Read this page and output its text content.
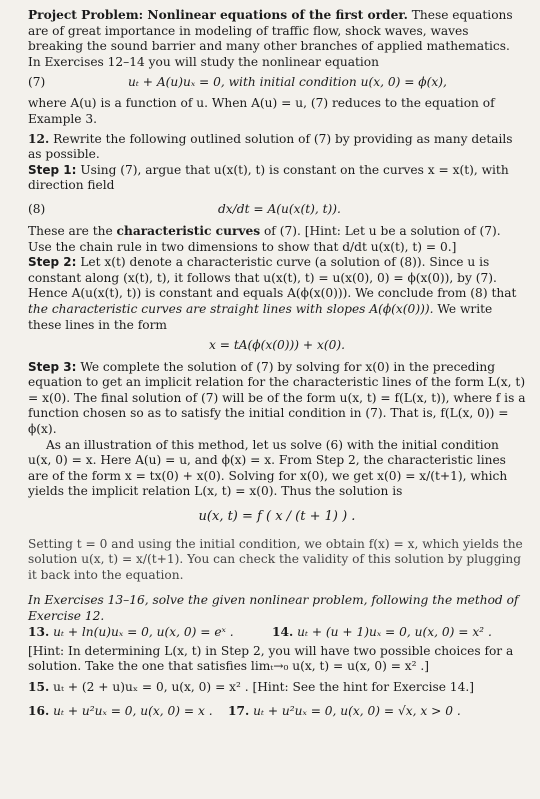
Project Problem: Nonlinear equations of the first order. These equations are of great importance in modeling of traffic flow, shock waves, waves breaking the sound barrier and many other branches of applied mathematics. In Exercises 12–14 you will study the nonlinear equation

(7)	uₜ + A(u)uₓ = 0, with initial condition u(x, 0) = ϕ(x),

where A(u) is a function of u. When A(u) = u, (7) reduces to the equation of Example 3.

12. Rewrite the following outlined solution of (7) by providing as many details as possible.

Step 1: Using (7), argue that u(x(t), t) is constant on the curves x = x(t), with direction field

(8)	dx/dt = A(u(x(t), t)).

These are the characteristic curves of (7). [Hint: Let u be a solution of (7). Use the chain rule in two dimensions to show that d/dt u(x(t), t) = 0.]

Step 2: Let x(t) denote a characteristic curve (a solution of (8)). Since u is constant along (x(t), t), it follows that u(x(t), t) = u(x(0), 0) = ϕ(x(0)), by (7). Hence A(u(x(t), t)) is constant and equals A(ϕ(x(0))). We conclude from (8) that the characteristic curves are straight lines with slopes A(ϕ(x(0))). We write these lines in the form

x = tA(ϕ(x(0))) + x(0).

Step 3: We complete the solution of (7) by solving for x(0) in the preceding equation to get an implicit relation for the characteristic lines of the form L(x, t) = x(0). The final solution of (7) will be of the form u(x, t) = f(L(x, t)), where f is a function chosen so as to satisfy the initial condition in (7). That is, f(L(x, 0)) = ϕ(x).

As an illustration of this method, let us solve (6) with the initial condition u(x, 0) = x. Here A(u) = u, and ϕ(x) = x. From Step 2, the characteristic lines are of the form x = tx(0) + x(0). Solving for x(0), we get x(0) = x/(t+1), which yields the implicit relation L(x, t) = x(0). Thus the solution is

u(x, t) = f ( x / (t + 1) ) .

Setting t = 0 and using the initial condition, we obtain f(x) = x, which yields the solution u(x, t) = x/(t+1). You can check the validity of this solution by plugging it back into the equation.

In Exercises 13–16, solve the given nonlinear problem, following the method of Exercise 12.

13. uₜ + ln(u)uₓ = 0, u(x, 0) = eˣ .	14. uₜ + (u + 1)uₓ = 0, u(x, 0) = x² .

[Hint: In determining L(x, t) in Step 2, you will have two possible choices for a solution. Take the one that satisfies limₜ→₀ u(x, t) = u(x, 0) = x² .]

15. uₜ + (2 + u)uₓ = 0, u(x, 0) = x² . [Hint: See the hint for Exercise 14.]
16. uₜ + u²uₓ = 0, u(x, 0) = x . 17. uₜ + u²uₓ = 0, u(x, 0) = √x, x > 0 .
